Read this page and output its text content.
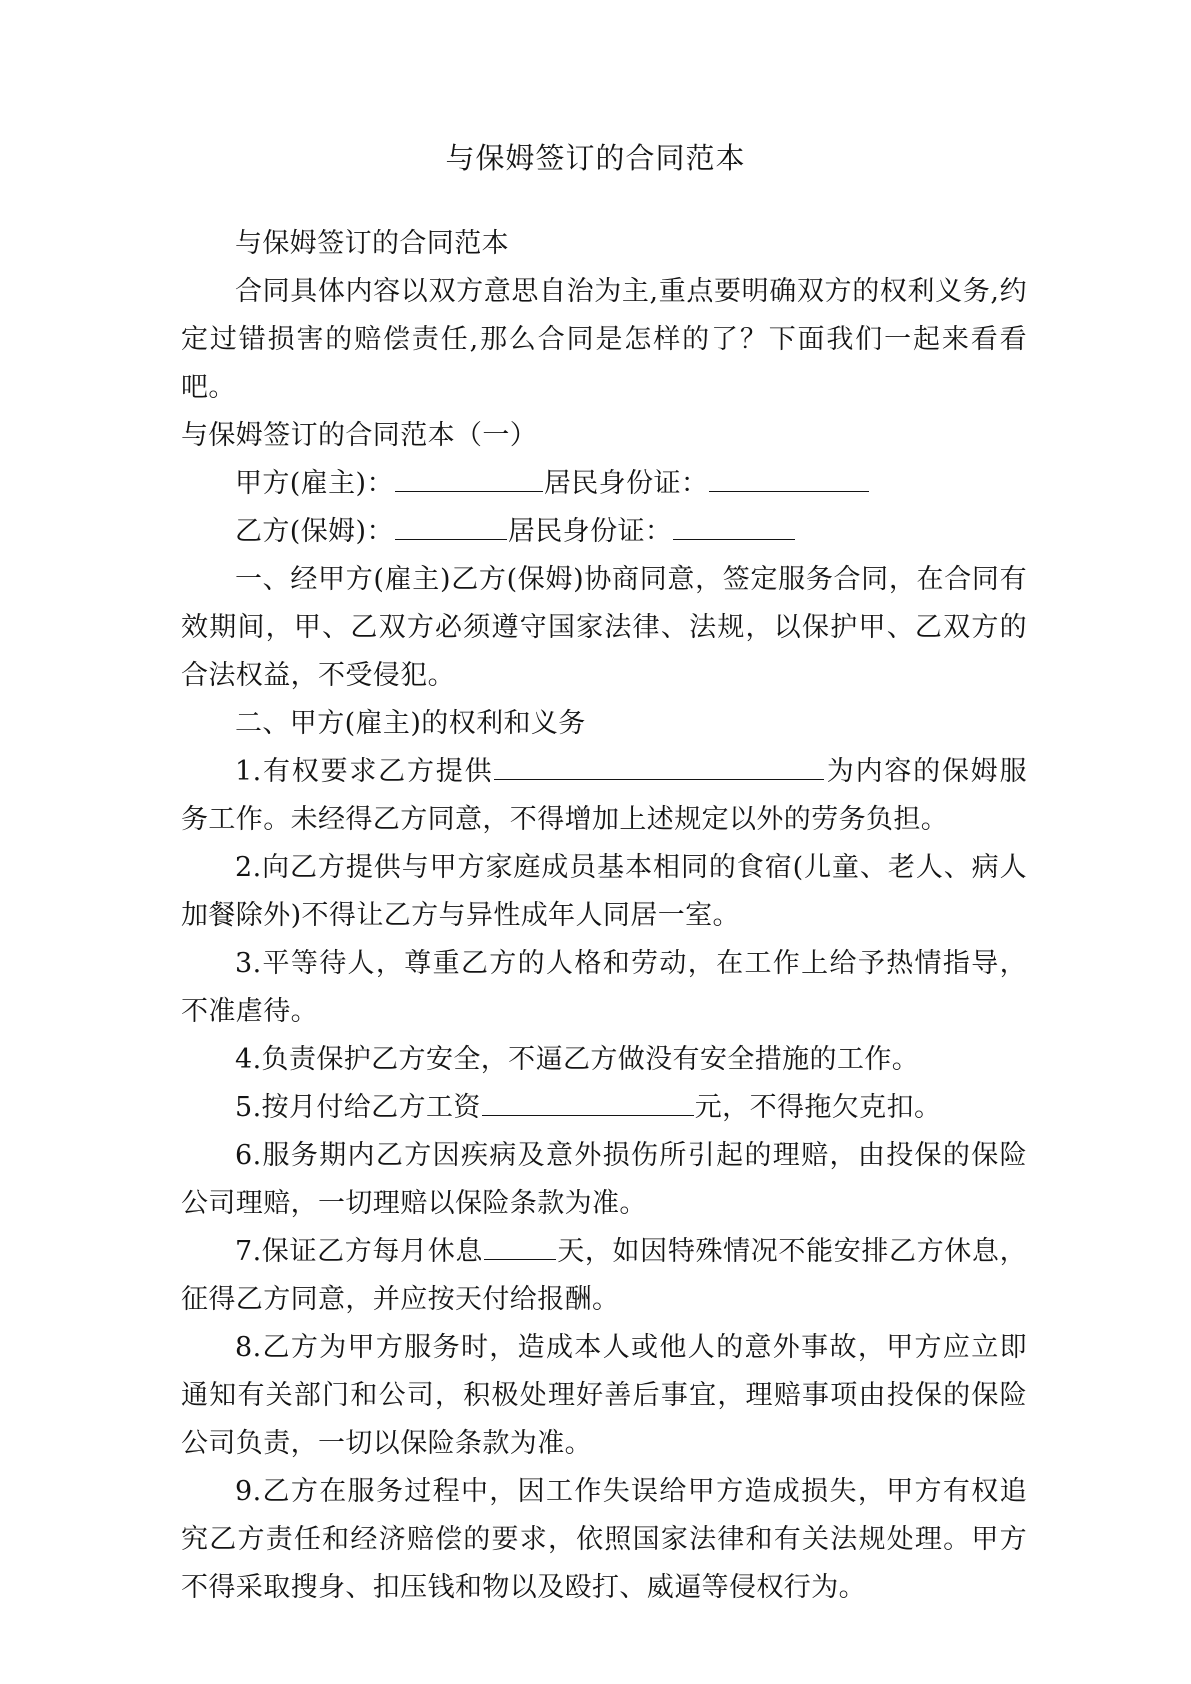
与保姆签订的合同范本

与保姆签订的合同范本

合同具体内容以双方意思自治为主,重点要明确双方的权利义务,约定过错损害的赔偿责任,那么合同是怎样的了？下面我们一起来看看吧。

与保姆签订的合同范本（一）

甲方(雇主)：	居民身份证：

乙方(保姆)：	居民身份证：

一、经甲方(雇主)乙方(保姆)协商同意，签定服务合同，在合同有效期间，甲、乙双方必须遵守国家法律、法规，以保护甲、乙双方的合法权益，不受侵犯。

二、甲方(雇主)的权利和义务

1.有权要求乙方提供	为内容的保姆服务工作。未经得乙方同意，不得增加上述规定以外的劳务负担。

2.向乙方提供与甲方家庭成员基本相同的食宿(儿童、老人、病人加餐除外)不得让乙方与异性成年人同居一室。

3.平等待人，尊重乙方的人格和劳动，在工作上给予热情指导，不准虐待。

4.负责保护乙方安全，不逼乙方做没有安全措施的工作。

5.按月付给乙方工资	元，不得拖欠克扣。

6.服务期内乙方因疾病及意外损伤所引起的理赔，由投保的保险公司理赔，一切理赔以保险条款为准。

7.保证乙方每月休息	天，如因特殊情况不能安排乙方休息，征得乙方同意，并应按天付给报酬。

8.乙方为甲方服务时，造成本人或他人的意外事故，甲方应立即通知有关部门和公司，积极处理好善后事宜，理赔事项由投保的保险公司负责，一切以保险条款为准。

9.乙方在服务过程中，因工作失误给甲方造成损失，甲方有权追究乙方责任和经济赔偿的要求，依照国家法律和有关法规处理。甲方不得采取搜身、扣压钱和物以及殴打、威逼等侵权行为。
